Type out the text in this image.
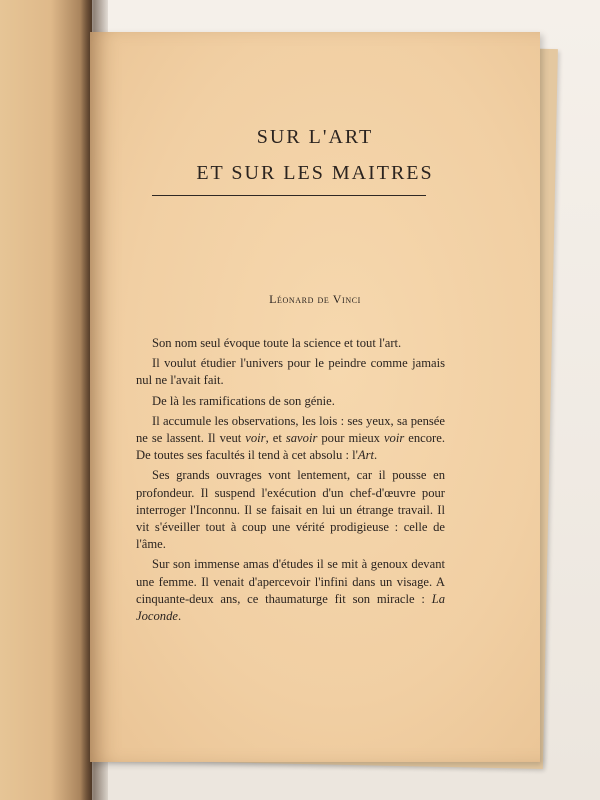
SUR L'ART
ET SUR LES MAITRES
Léonard de Vinci

Son nom seul évoque toute la science et tout l'art.

Il voulut étudier l'univers pour le peindre comme jamais nul ne l'avait fait.

De là les ramifications de son génie.

Il accumule les observations, les lois : ses yeux, sa pensée ne se lassent. Il veut voir, et savoir pour mieux voir encore. De toutes ses facultés il tend à cet absolu : l'Art.

Ses grands ouvrages vont lentement, car il pousse en profondeur. Il suspend l'exécution d'un chef-d'œuvre pour interroger l'Inconnu. Il se faisait en lui un étrange travail. Il vit s'éveiller tout à coup une vérité prodigieuse : celle de l'âme.

Sur son immense amas d'études il se mit à genoux devant une femme. Il venait d'apercevoir l'infini dans un visage. A cinquante-deux ans, ce thaumaturge fit son miracle : La Joconde.
